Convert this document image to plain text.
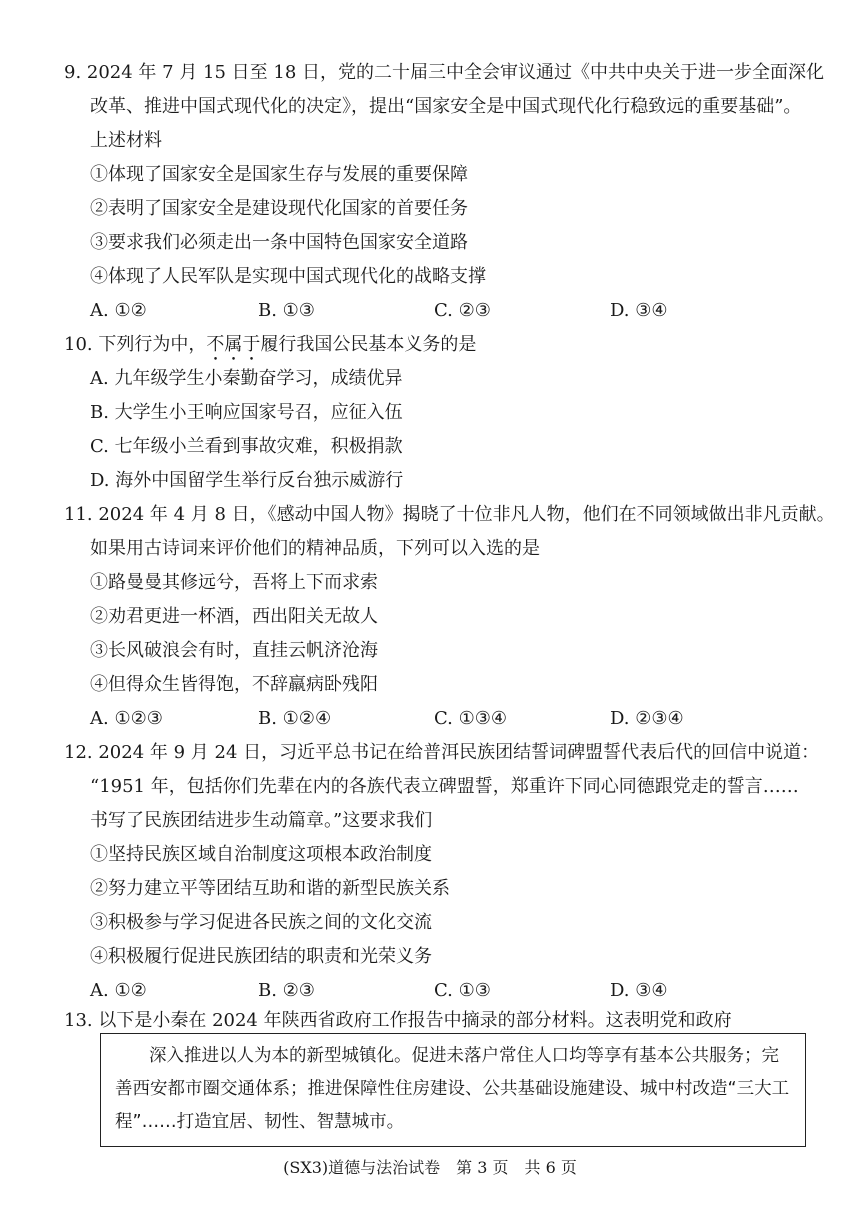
9. 2024 年 7 月 15 日至 18 日，党的二十届三中全会审议通过《中共中央关于进一步全面深化
改革、推进中国式现代化的决定》，提出“国家安全是中国式现代化行稳致远的重要基础”。
上述材料
①体现了国家安全是国家生存与发展的重要保障
②表明了国家安全是建设现代化国家的首要任务
③要求我们必须走出一条中国特色国家安全道路
④体现了人民军队是实现中国式现代化的战略支撑
A. ①②	B. ①③	C. ②③	D. ③④
10. 下列行为中，不属于履行我国公民基本义务的是
A. 九年级学生小秦勤奋学习，成绩优异
B. 大学生小王响应国家号召，应征入伍
C. 七年级小兰看到事故灾难，积极捐款
D. 海外中国留学生举行反台独示威游行
11. 2024 年 4 月 8 日，《感动中国人物》揭晓了十位非凡人物，他们在不同领域做出非凡贡献。
如果用古诗词来评价他们的精神品质，下列可以入选的是
①路曼曼其修远兮，吾将上下而求索
②劝君更进一杯酒，西出阳关无故人
③长风破浪会有时，直挂云帆济沧海
④但得众生皆得饱，不辞羸病卧残阳
A. ①②③	B. ①②④	C. ①③④	D. ②③④
12. 2024 年 9 月 24 日，习近平总书记在给普洱民族团结誓词碑盟誓代表后代的回信中说道：
“1951 年，包括你们先辈在内的各族代表立碑盟誓，郑重许下同心同德跟党走的誓言……
书写了民族团结进步生动篇章。”这要求我们
①坚持民族区域自治制度这项根本政治制度
②努力建立平等团结互助和谐的新型民族关系
③积极参与学习促进各民族之间的文化交流
④积极履行促进民族团结的职责和光荣义务
A. ①②	B. ②③	C. ①③	D. ③④
13. 以下是小秦在 2024 年陕西省政府工作报告中摘录的部分材料。这表明党和政府
深入推进以人为本的新型城镇化。促进未落户常住人口均等享有基本公共服务；完
善西安都市圈交通体系；推进保障性住房建设、公共基础设施建设、城中村改造“三大工
程”……打造宜居、韧性、智慧城市。
(SX3)道德与法治试卷　第 3 页　共 6 页
